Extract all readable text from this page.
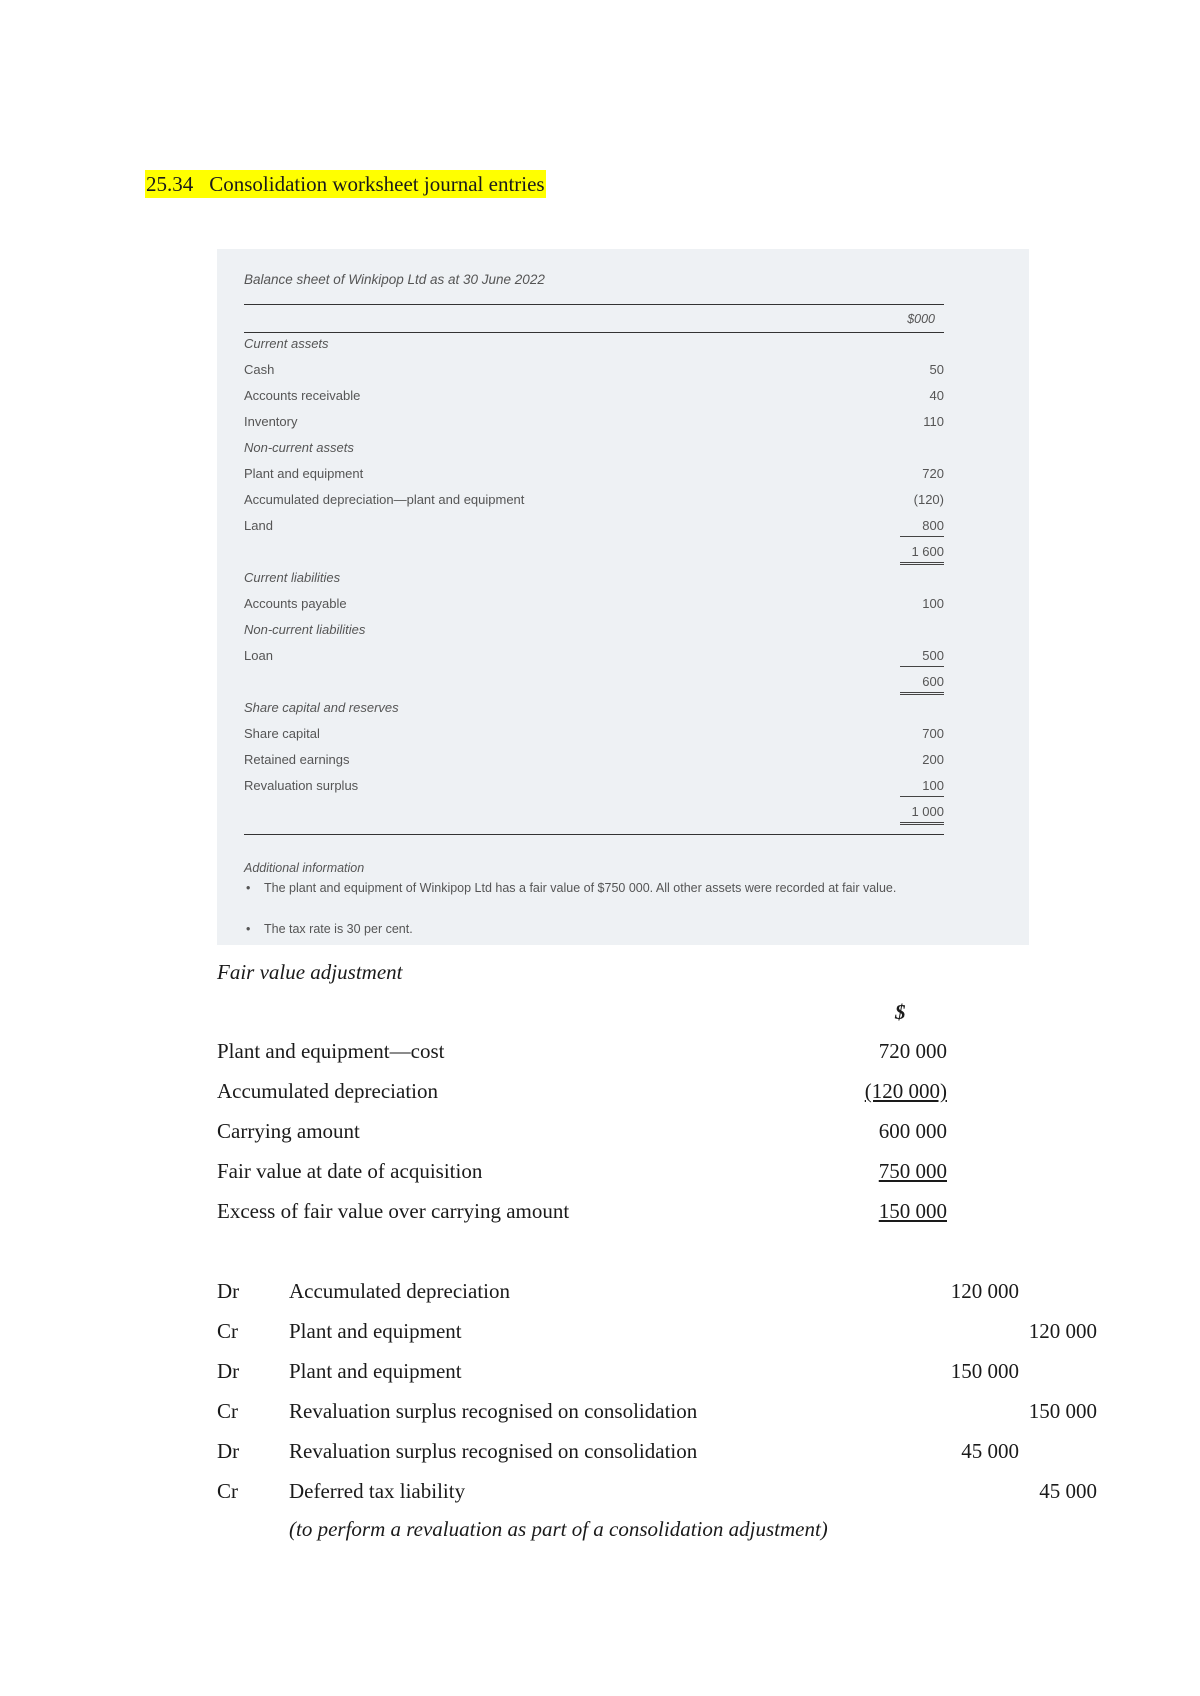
25.34 Consolidation worksheet journal entries
Balance sheet of Winkipop Ltd as at 30 June 2022
$000
Current assets
Cash	50
Accounts receivable	40
Inventory	110
Non-current assets
Plant and equipment	720
Accumulated depreciation—plant and equipment	(120)
Land	800
1 600
Current liabilities
Accounts payable	100
Non-current liabilities
Loan	500
600
Share capital and reserves
Share capital	700
Retained earnings	200
Revaluation surplus	100
1 000
Additional information
• The plant and equipment of Winkipop Ltd has a fair value of $750 000. All other assets were recorded at fair value.
• The tax rate is 30 per cent.
Fair value adjustment
$
Plant and equipment—cost	720 000
Accumulated depreciation	(120 000)
Carrying amount	600 000
Fair value at date of acquisition	750 000
Excess of fair value over carrying amount	150 000
Dr Accumulated depreciation	120 000
Cr Plant and equipment	120 000
Dr Plant and equipment	150 000
Cr Revaluation surplus recognised on consolidation	150 000
Dr Revaluation surplus recognised on consolidation	45 000
Cr Deferred tax liability	45 000
(to perform a revaluation as part of a consolidation adjustment)
